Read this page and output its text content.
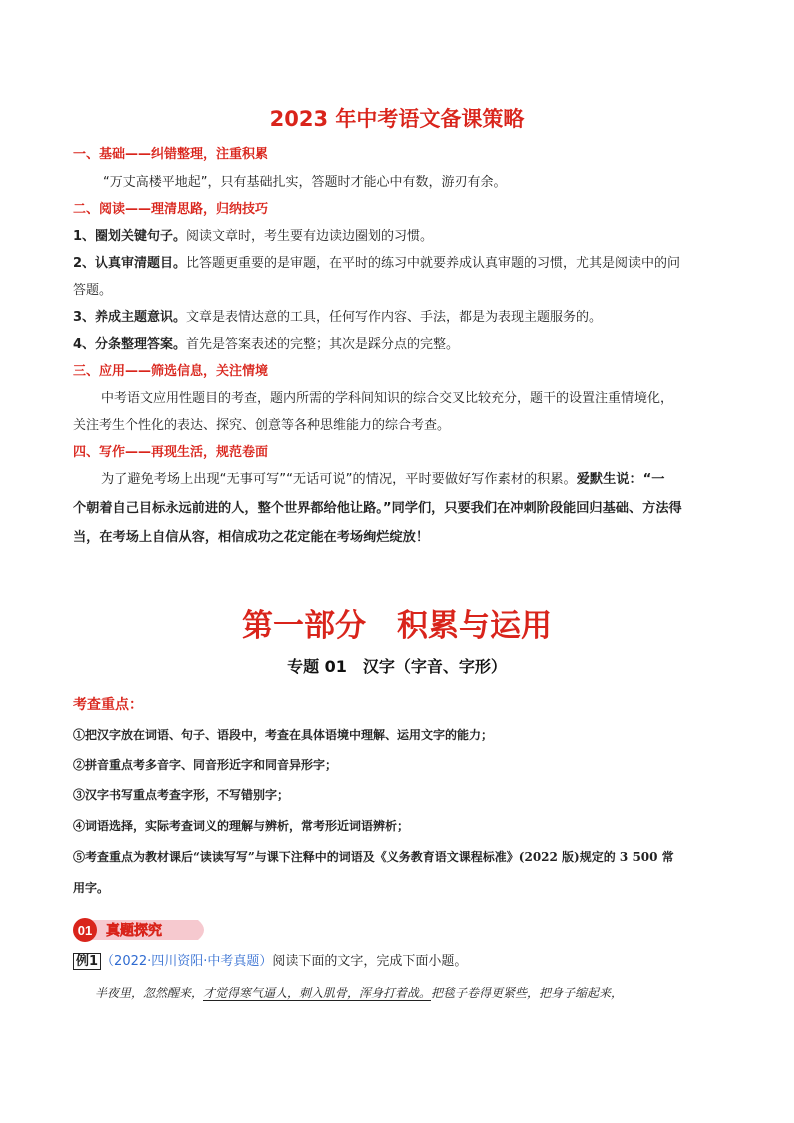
2023 年中考语文备课策略
一、基础——纠错整理，注重积累
“万丈高楼平地起”，只有基础扎实，答题时才能心中有数，游刃有余。
二、阅读——理清思路，归纳技巧
1、圈划关键句子。阅读文章时，考生要有边读边圈划的习惯。
2、认真审清题目。比答题更重要的是审题，在平时的练习中就要养成认真审题的习惯，尤其是阅读中的问
答题。
3、养成主题意识。文章是表情达意的工具，任何写作内容、手法，都是为表现主题服务的。
4、分条整理答案。首先是答案表述的完整；其次是踩分点的完整。
三、应用——筛选信息，关注情境
中考语文应用性题目的考查，题内所需的学科间知识的综合交叉比较充分，题干的设置注重情境化，
关注考生个性化的表达、探究、创意等各种思维能力的综合考查。
四、写作——再现生活，规范卷面
为了避免考场上出现“无事可写”“无话可说”的情况，平时要做好写作素材的积累。爱默生说：“一
个朝着自己目标永远前进的人，整个世界都给他让路。”同学们，只要我们在冲刺阶段能回归基础、方法得
当，在考场上自信从容，相信成功之花定能在考场绚烂绽放！
第一部分　积累与运用
专题 01　汉字（字音、字形）
考查重点：
①把汉字放在词语、句子、语段中，考查在具体语境中理解、运用文字的能力；
②拼音重点考多音字、同音形近字和同音异形字；
③汉字书写重点考查字形，不写错别字；
④词语选择，实际考查词义的理解与辨析，常考形近词语辨析；
⑤考查重点为教材课后“读读写写”与课下注释中的词语及《义务教育语文课程标准》(2022 版)规定的 3 500 常
用字。
01 真题探究
例1 （2022·四川资阳·中考真题）阅读下面的文字，完成下面小题。
半夜里，忽然醒来，才觉得寒气逼人，刺入肌骨，浑身打着战。把毯子卷得更紧些，把身子缩起来，
